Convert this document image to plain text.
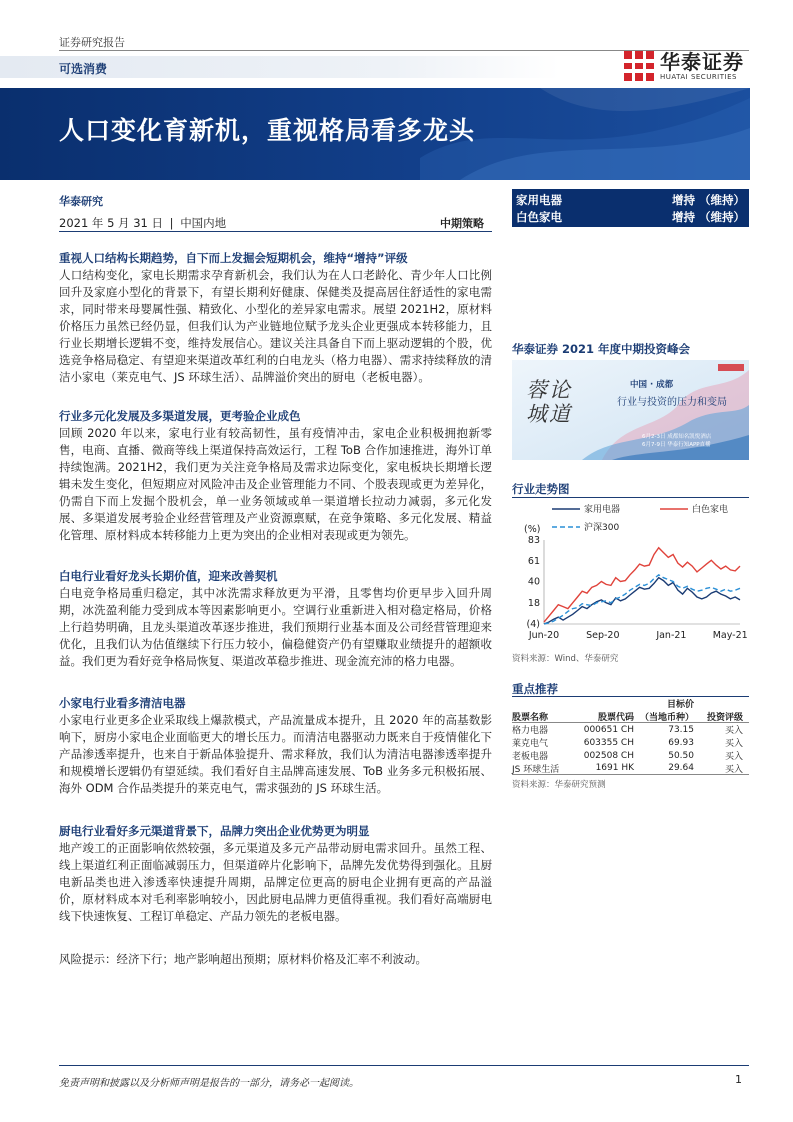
证券研究报告
可选消费	华泰证券
HUATAI SECURITIES
人口变化育新机，重视格局看多龙头
华泰研究
2021 年 5 月 31 日 | 中国内地	中期策略
家用电器	增持 （维持）
白色家电	增持 （维持）
重视人口结构长期趋势，自下而上发掘会短期机会，维持“增持”评级
人口结构变化，家电长期需求孕育新机会，我们认为在人口老龄化、青少年人口比例回升及家庭小型化的背景下，有望长期利好健康、保健类及提高居住舒适性的家电需求，同时带来母婴属性强、精致化、小型化的差异家电需求。展望 2021H2，原材料价格压力虽然已经仍显，但我们认为产业链地位赋予龙头企业更强成本转移能力，且行业长期增长逻辑不变，维持发展信心。建议关注具备自下而上驱动逻辑的个股，优选竞争格局稳定、有望迎来渠道改革红利的白电龙头（格力电器）、需求持续释放的清洁小家电（莱克电气、JS 环球生活）、品牌溢价突出的厨电（老板电器）。
行业多元化发展及多渠道发展，更考验企业成色
回顾 2020 年以来，家电行业有较高韧性，虽有疫情冲击，家电企业积极拥抱新零售，电商、直播、微商等线上渠道保持高效运行，工程 ToB 合作加速推进，海外订单持续饱满。2021H2，我们更为关注竞争格局及需求边际变化，家电板块长期增长逻辑未发生变化，但短期应对风险冲击及企业管理能力不同、个股表现或更为差异化，仍需自下而上发掘个股机会，单一业务领域或单一渠道增长拉动力减弱，多元化发展、多渠道发展考验企业经营管理及产业资源禀赋，在竞争策略、多元化发展、精益化管理、原材料成本转移能力上更为突出的企业相对表现或更为领先。
白电行业看好龙头长期价值，迎来改善契机
白电竞争格局重归稳定，其中冰洗需求释放更为平滑，且零售均价更早步入回升周期，冰洗盈利能力受到成本等因素影响更小。空调行业重新进入相对稳定格局，价格上行趋势明确，且龙头渠道改革逐步推进，我们预期行业基本面及公司经营管理迎来优化，且我们认为估值继续下行压力较小，偏稳健资产仍有望赚取业绩提升的超额收益。我们更为看好竞争格局恢复、渠道改革稳步推进、现金流充沛的格力电器。
小家电行业看多清洁电器
小家电行业更多企业采取线上爆款模式，产品流量成本提升，且 2020 年的高基数影响下，厨房小家电企业面临更大的增长压力。而清洁电器驱动力既来自于疫情催化下产品渗透率提升，也来自于新品体验提升、需求释放，我们认为清洁电器渗透率提升和规模增长逻辑仍有望延续。我们看好自主品牌高速发展、ToB 业务多元积极拓展、海外 ODM 合作品类提升的莱克电气，需求强劲的 JS 环球生活。
厨电行业看好多元渠道背景下，品牌力突出企业优势更为明显
地产竣工的正面影响依然较强，多元渠道及多元产品带动厨电需求回升。虽然工程、线上渠道红利正面临减弱压力，但渠道碎片化影响下，品牌先发优势得到强化。且厨电新品类也进入渗透率快速提升周期，品牌定位更高的厨电企业拥有更高的产品溢价，原材料成本对毛利率影响较小，因此厨电品牌力更值得重视。我们看好高端厨电线下快速恢复、工程订单稳定、产品力领先的老板电器。
风险提示：经济下行；地产影响超出预期；原材料价格及汇率不利波动。
华泰证券 2021 年度中期投资峰会
蓉论城道
中国 · 成都
行业与投资的压力和变局
6月2-3日 成都知名凯悦酒店
6月7-9日 华泰行知APP直播
行业走势图
家用电器	白色家电
沪深300
(%)
83
61
40
18
(4)
Jun-20	Sep-20	Jan-21	May-21
资料来源：Wind、华泰研究
重点推荐
目标价
股票名称	股票代码 （当地币种）	投资评级
格力电器	000651 CH	73.15	买入
莱克电气	603355 CH	69.93	买入
老板电器	002508 CH	50.50	买入
JS 环球生活	1691 HK	29.64	买入
资料来源：华泰研究预测
免责声明和披露以及分析师声明是报告的一部分，请务必一起阅读。	1
